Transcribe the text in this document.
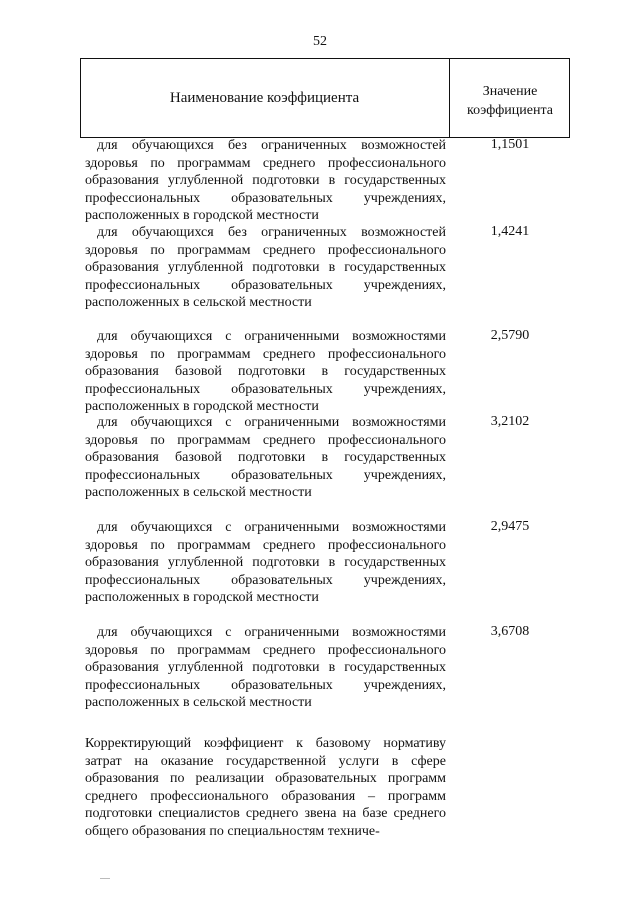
52
Наименование коэффициента	Значение
коэффициента
для обучающихся без ограниченных возможностей здоровья по программам среднего профессионального образования углубленной подготовки в государственных профессиональных образовательных учреждениях, расположенных в городской местности
1,1501
для обучающихся без ограниченных возможностей здоровья по программам среднего профессионального образования углубленной подготовки в государственных профессиональных образовательных учреждениях, расположенных в сельской местности
1,4241
для обучающихся с ограниченными возможностями здоровья по программам среднего профессионального образования базовой подготовки в государственных профессиональных образовательных учреждениях, расположенных в городской местности
2,5790
для обучающихся с ограниченными возможностями здоровья по программам среднего профессионального образования базовой подготовки в государственных профессиональных образовательных учреждениях, расположенных в сельской местности
3,2102
для обучающихся с ограниченными возможностями здоровья по программам среднего профессионального образования углубленной подготовки в государственных профессиональных образовательных учреждениях, расположенных в городской местности
2,9475
для обучающихся с ограниченными возможностями здоровья по программам среднего профессионального образования углубленной подготовки в государственных профессиональных образовательных учреждениях, расположенных в сельской местности
3,6708
Корректирующий коэффициент к базовому нормативу затрат на оказание государственной услуги в сфере образования по реализации образовательных программ среднего профессионального образования – программ подготовки специалистов среднего звена на базе среднего общего образования по специальностям техниче-
